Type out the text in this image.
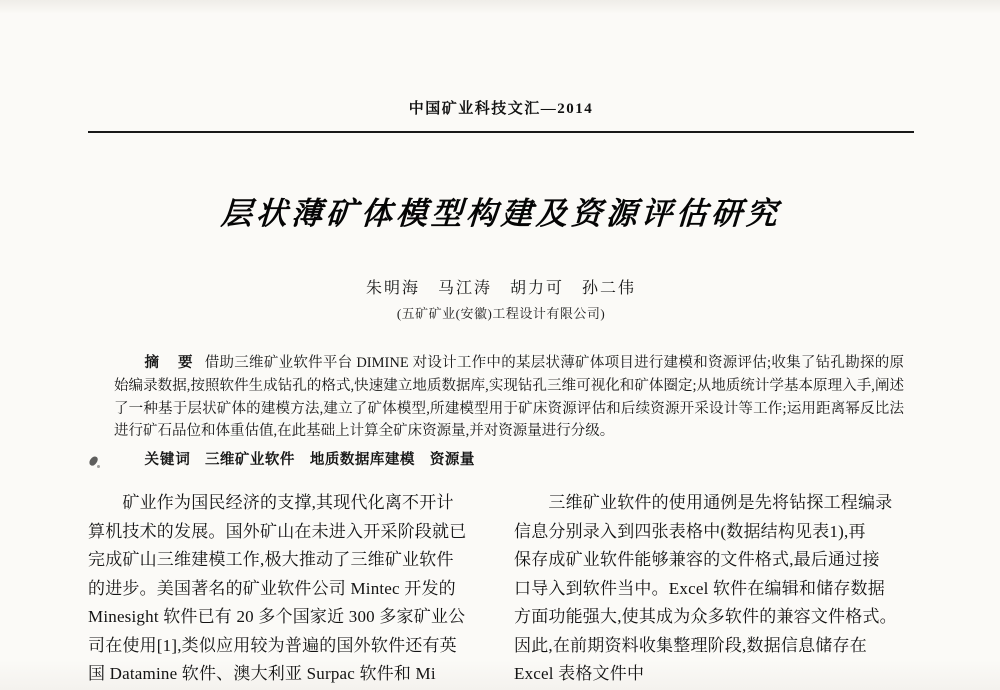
中国矿业科技文汇—2014
层状薄矿体模型构建及资源评估研究
朱明海　马江涛　胡力可　孙二伟
(五矿矿业(安徽)工程设计有限公司)

摘　要 借助三维矿业软件平台 DIMINE 对设计工作中的某层状薄矿体项目进行建模和资源评估;收集了钻孔勘探的原始编录数据,按照软件生成钻孔的格式,快速建立地质数据库,实现钻孔三维可视化和矿体圈定;从地质统计学基本原理入手,阐述了一种基于层状矿体的建模方法,建立了矿体模型,所建模型用于矿床资源评估和后续资源开采设计等工作;运用距离幂反比法进行矿石品位和体重估值,在此基础上计算全矿床资源量,并对资源量进行分级。

关键词 三维矿业软件　地质数据库建模　资源量

　　矿业作为国民经济的支撑,其现代化离不开计
算机技术的发展。国外矿山在未进入开采阶段就已
完成矿山三维建模工作,极大推动了三维矿业软件
的进步。美国著名的矿业软件公司 Mintec 开发的
Minesight 软件已有 20 多个国家近 300 多家矿业公
司在使用[1],类似应用较为普遍的国外软件还有英
国 Datamine 软件、澳大利亚 Surpac 软件和 Mi
　　三维矿业软件的使用通例是先将钻探工程编录
信息分别录入到四张表格中(数据结构见表1),再
保存成矿业软件能够兼容的文件格式,最后通过接
口导入到软件当中。Excel 软件在编辑和储存数据
方面功能强大,使其成为众多软件的兼容文件格式。
因此,在前期资料收集整理阶段,数据信息储存在
Excel 表格文件中
